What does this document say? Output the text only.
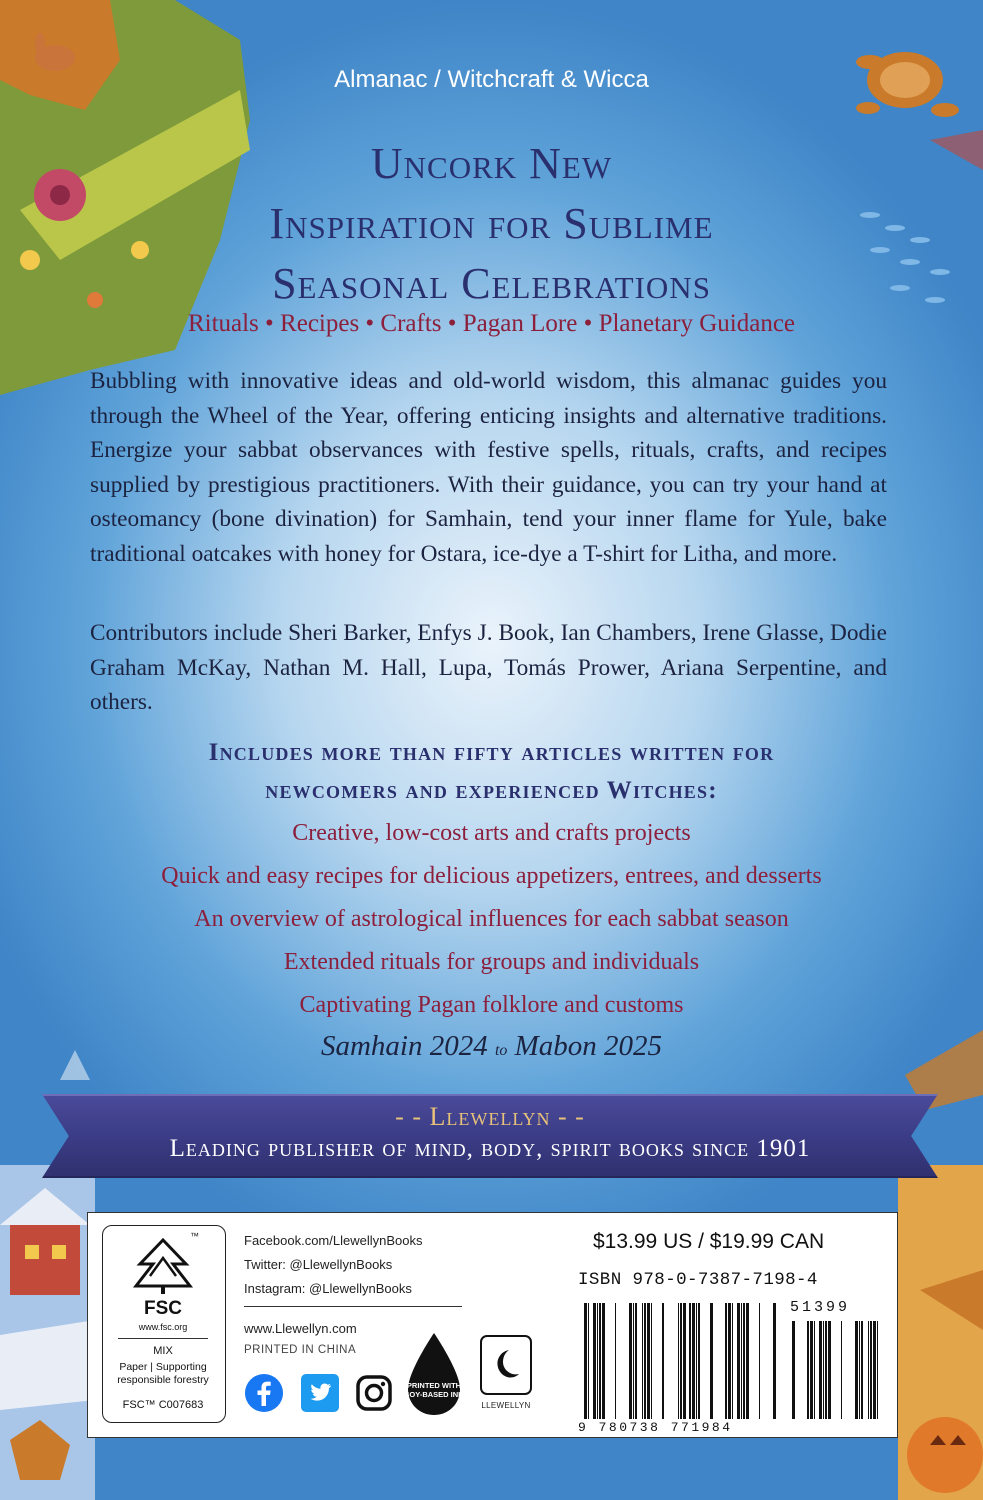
Almanac / Witchcraft & Wicca
Uncork New
Inspiration for Sublime
Seasonal Celebrations
Rituals • Recipes • Crafts • Pagan Lore • Planetary Guidance

Bubbling with innovative ideas and old-world wisdom, this almanac guides you through the Wheel of the Year, offering enticing insights and alternative traditions. Energize your sabbat observances with festive spells, rituals, crafts, and recipes supplied by prestigious practitioners. With their guidance, you can try your hand at osteomancy (bone divination) for Samhain, tend your inner flame for Yule, bake traditional oatcakes with honey for Ostara, ice-dye a T-shirt for Litha, and more.

Contributors include Sheri Barker, Enfys J. Book, Ian Chambers, Irene Glasse, Dodie Graham McKay, Nathan M. Hall, Lupa, Tomás Prower, Ariana Serpentine, and others.

Includes more than fifty articles written for
newcomers and experienced Witches:
Creative, low-cost arts and crafts projects
Quick and easy recipes for delicious appetizers, entrees, and desserts
An overview of astrological influences for each sabbat season
Extended rituals for groups and individuals
Captivating Pagan folklore and customs
Samhain 2024 to Mabon 2025
- - Llewellyn - -
Leading publisher of mind, body, spirit books since 1901
™
FSC
www.fsc.org
MIX
Paper | Supporting responsible forestry
FSC™ C007683
Facebook.com/LlewellynBooks
Twitter: @LlewellynBooks
Instagram: @LlewellynBooks
www.Llewellyn.com
PRINTED IN CHINA
PRINTED WITH SOY-BASED INK
LLEWELLYN
$13.99 US / $19.99 CAN
ISBN 978-0-7387-7198-4
51399
9 780738 771984
